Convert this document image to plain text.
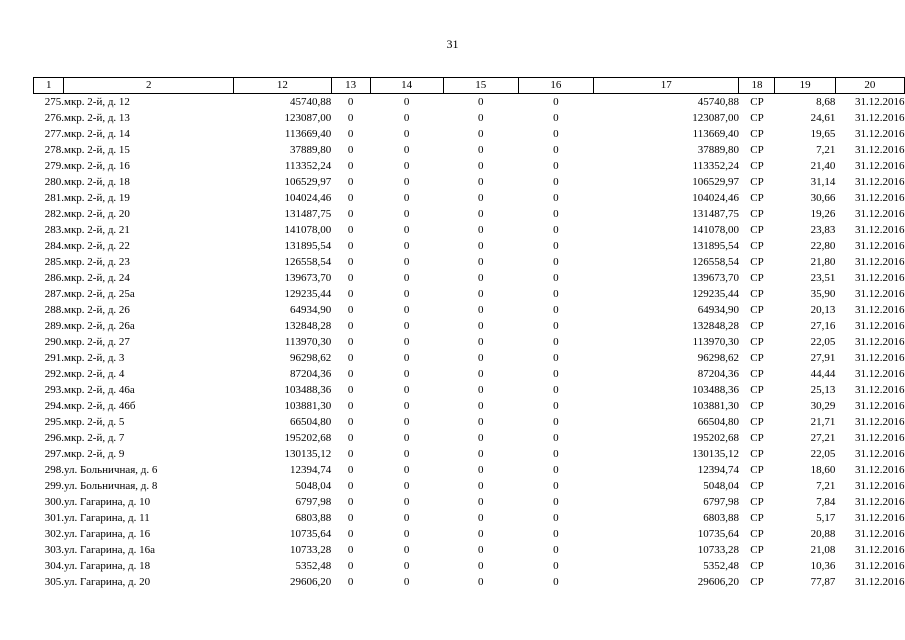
31
1	2	12	13	14	15	16	17	18	19	20
275.	мкр. 2-й, д. 12	45740,88	0	0	0	0	45740,88	СР	8,68	31.12.2016
276.	мкр. 2-й, д. 13	123087,00	0	0	0	0	123087,00	СР	24,61	31.12.2016
277.	мкр. 2-й, д. 14	113669,40	0	0	0	0	113669,40	СР	19,65	31.12.2016
278.	мкр. 2-й, д. 15	37889,80	0	0	0	0	37889,80	СР	7,21	31.12.2016
279.	мкр. 2-й, д. 16	113352,24	0	0	0	0	113352,24	СР	21,40	31.12.2016
280.	мкр. 2-й, д. 18	106529,97	0	0	0	0	106529,97	СР	31,14	31.12.2016
281.	мкр. 2-й, д. 19	104024,46	0	0	0	0	104024,46	СР	30,66	31.12.2016
282.	мкр. 2-й, д. 20	131487,75	0	0	0	0	131487,75	СР	19,26	31.12.2016
283.	мкр. 2-й, д. 21	141078,00	0	0	0	0	141078,00	СР	23,83	31.12.2016
284.	мкр. 2-й, д. 22	131895,54	0	0	0	0	131895,54	СР	22,80	31.12.2016
285.	мкр. 2-й, д. 23	126558,54	0	0	0	0	126558,54	СР	21,80	31.12.2016
286.	мкр. 2-й, д. 24	139673,70	0	0	0	0	139673,70	СР	23,51	31.12.2016
287.	мкр. 2-й, д. 25а	129235,44	0	0	0	0	129235,44	СР	35,90	31.12.2016
288.	мкр. 2-й, д. 26	64934,90	0	0	0	0	64934,90	СР	20,13	31.12.2016
289.	мкр. 2-й, д. 26а	132848,28	0	0	0	0	132848,28	СР	27,16	31.12.2016
290.	мкр. 2-й, д. 27	113970,30	0	0	0	0	113970,30	СР	22,05	31.12.2016
291.	мкр. 2-й, д. 3	96298,62	0	0	0	0	96298,62	СР	27,91	31.12.2016
292.	мкр. 2-й, д. 4	87204,36	0	0	0	0	87204,36	СР	44,44	31.12.2016
293.	мкр. 2-й, д. 46а	103488,36	0	0	0	0	103488,36	СР	25,13	31.12.2016
294.	мкр. 2-й, д. 46б	103881,30	0	0	0	0	103881,30	СР	30,29	31.12.2016
295.	мкр. 2-й, д. 5	66504,80	0	0	0	0	66504,80	СР	21,71	31.12.2016
296.	мкр. 2-й, д. 7	195202,68	0	0	0	0	195202,68	СР	27,21	31.12.2016
297.	мкр. 2-й, д. 9	130135,12	0	0	0	0	130135,12	СР	22,05	31.12.2016
298.	ул. Больничная, д. 6	12394,74	0	0	0	0	12394,74	СР	18,60	31.12.2016
299.	ул. Больничная, д. 8	5048,04	0	0	0	0	5048,04	СР	7,21	31.12.2016
300.	ул. Гагарина, д. 10	6797,98	0	0	0	0	6797,98	СР	7,84	31.12.2016
301.	ул. Гагарина, д. 11	6803,88	0	0	0	0	6803,88	СР	5,17	31.12.2016
302.	ул. Гагарина, д. 16	10735,64	0	0	0	0	10735,64	СР	20,88	31.12.2016
303.	ул. Гагарина, д. 16а	10733,28	0	0	0	0	10733,28	СР	21,08	31.12.2016
304.	ул. Гагарина, д. 18	5352,48	0	0	0	0	5352,48	СР	10,36	31.12.2016
305.	ул. Гагарина, д. 20	29606,20	0	0	0	0	29606,20	СР	77,87	31.12.2016
